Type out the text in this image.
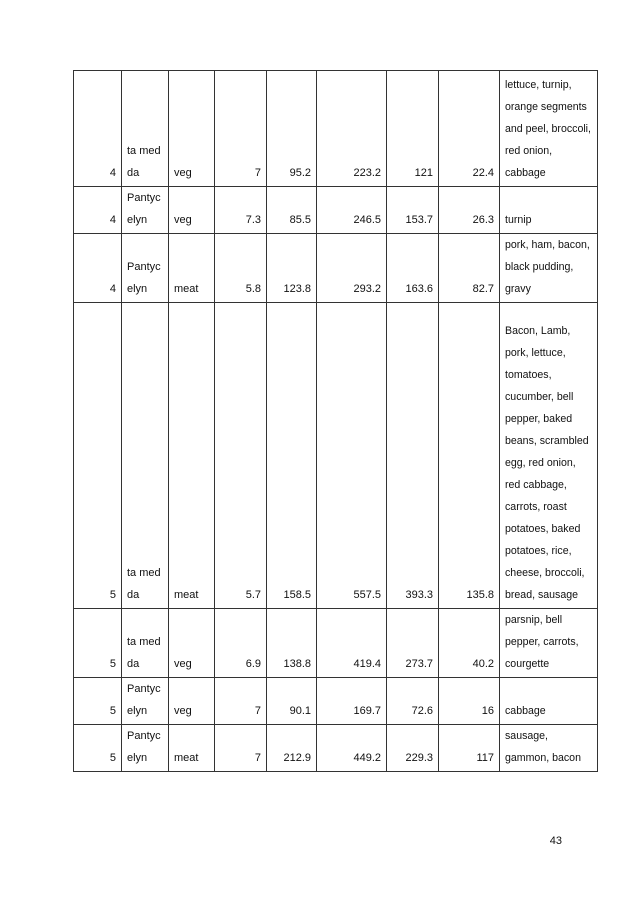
4	ta med da	veg	7	95.2	223.2	121	22.4	lettuce, turnip, orange segments and peel, broccoli, red onion, cabbage
4	Pantyc elyn	veg	7.3	85.5	246.5	153.7	26.3	turnip
4	Pantyc elyn	meat	5.8	123.8	293.2	163.6	82.7	pork, ham, bacon, black pudding, gravy
5	ta med da	meat	5.7	158.5	557.5	393.3	135.8	Bacon, Lamb, pork, lettuce, tomatoes, cucumber, bell pepper, baked beans, scrambled egg, red onion, red cabbage, carrots, roast potatoes, baked potatoes, rice, cheese, broccoli, bread, sausage
5	ta med da	veg	6.9	138.8	419.4	273.7	40.2	parsnip, bell pepper, carrots, courgette
5	Pantyc elyn	veg	7	90.1	169.7	72.6	16	cabbage
5	Pantyc elyn	meat	7	212.9	449.2	229.3	117	sausage, gammon, bacon
43
